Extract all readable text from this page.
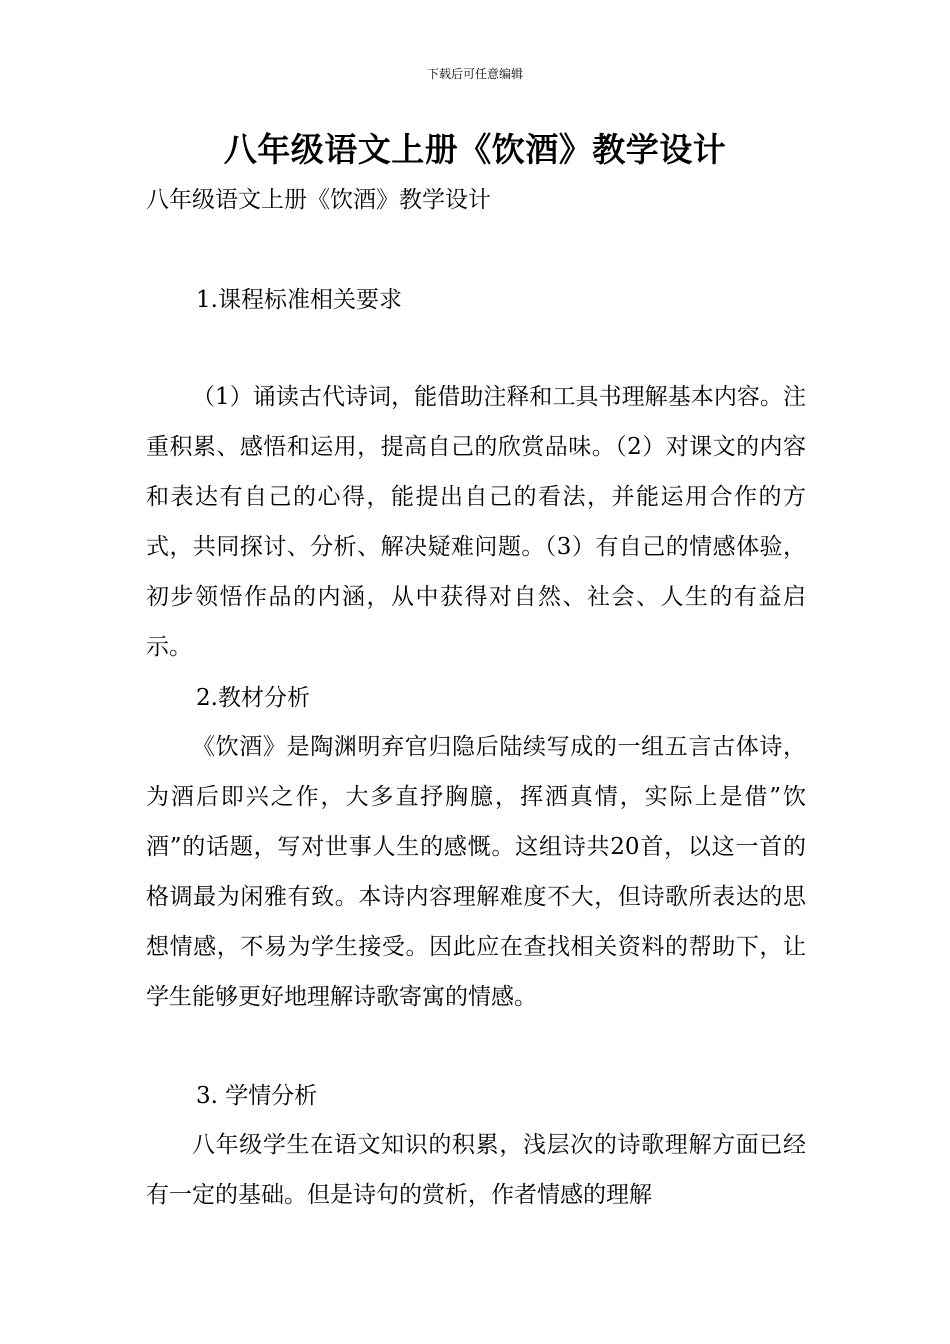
下载后可任意编辑
八年级语文上册《饮酒》教学设计
八年级语文上册《饮酒》教学设计
1.课程标准相关要求

（1）诵读古代诗词，能借助注释和工具书理解基本内容。注重积累、感悟和运用，提高自己的欣赏品味。（2）对课文的内容和表达有自己的心得，能提出自己的看法，并能运用合作的方式，共同探讨、分析、解决疑难问题。（3）有自己的情感体验，初步领悟作品的内涵，从中获得对自然、社会、人生的有益启示。

2.教材分析

《饮酒》是陶渊明弃官归隐后陆续写成的一组五言古体诗，为酒后即兴之作，大多直抒胸臆，挥洒真情，实际上是借”饮酒”的话题，写对世事人生的感慨。这组诗共20首，以这一首的格调最为闲雅有致。本诗内容理解难度不大，但诗歌所表达的思想情感，不易为学生接受。因此应在查找相关资料的帮助下，让学生能够更好地理解诗歌寄寓的情感。

3. 学情分析

八年级学生在语文知识的积累，浅层次的诗歌理解方面已经有一定的基础。但是诗句的赏析，作者情感的理解
